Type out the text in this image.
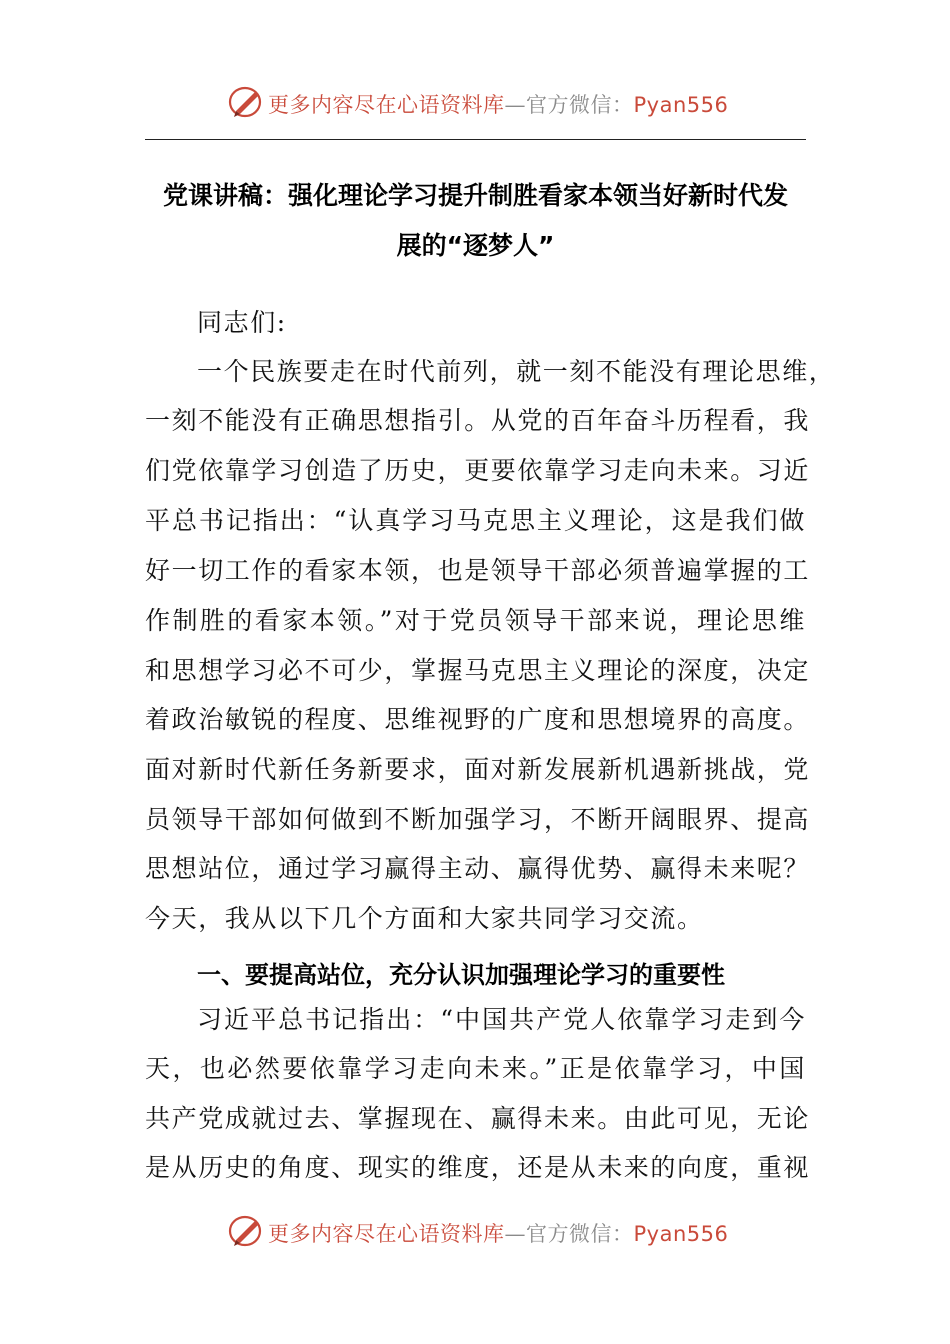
更多内容尽在心语资料库—官方微信：Pyan556
党课讲稿：强化理论学习提升制胜看家本领当好新时代发
展的“逐梦人”
同志们:
一个民族要走在时代前列，就一刻不能没有理论思维，
一刻不能没有正确思想指引。从党的百年奋斗历程看，我
们党依靠学习创造了历史，更要依靠学习走向未来。习近
平总书记指出：“认真学习马克思主义理论，这是我们做
好一切工作的看家本领，也是领导干部必须普遍掌握的工
作制胜的看家本领。”对于党员领导干部来说，理论思维
和思想学习必不可少，掌握马克思主义理论的深度，决定
着政治敏锐的程度、思维视野的广度和思想境界的高度。
面对新时代新任务新要求，面对新发展新机遇新挑战，党
员领导干部如何做到不断加强学习，不断开阔眼界、提高
思想站位，通过学习赢得主动、赢得优势、赢得未来呢？
今天，我从以下几个方面和大家共同学习交流。
一、要提高站位，充分认识加强理论学习的重要性
习近平总书记指出：“中国共产党人依靠学习走到今
天，也必然要依靠学习走向未来。”正是依靠学习，中国
共产党成就过去、掌握现在、赢得未来。由此可见，无论
是从历史的角度、现实的维度，还是从未来的向度，重视
更多内容尽在心语资料库—官方微信：Pyan556
